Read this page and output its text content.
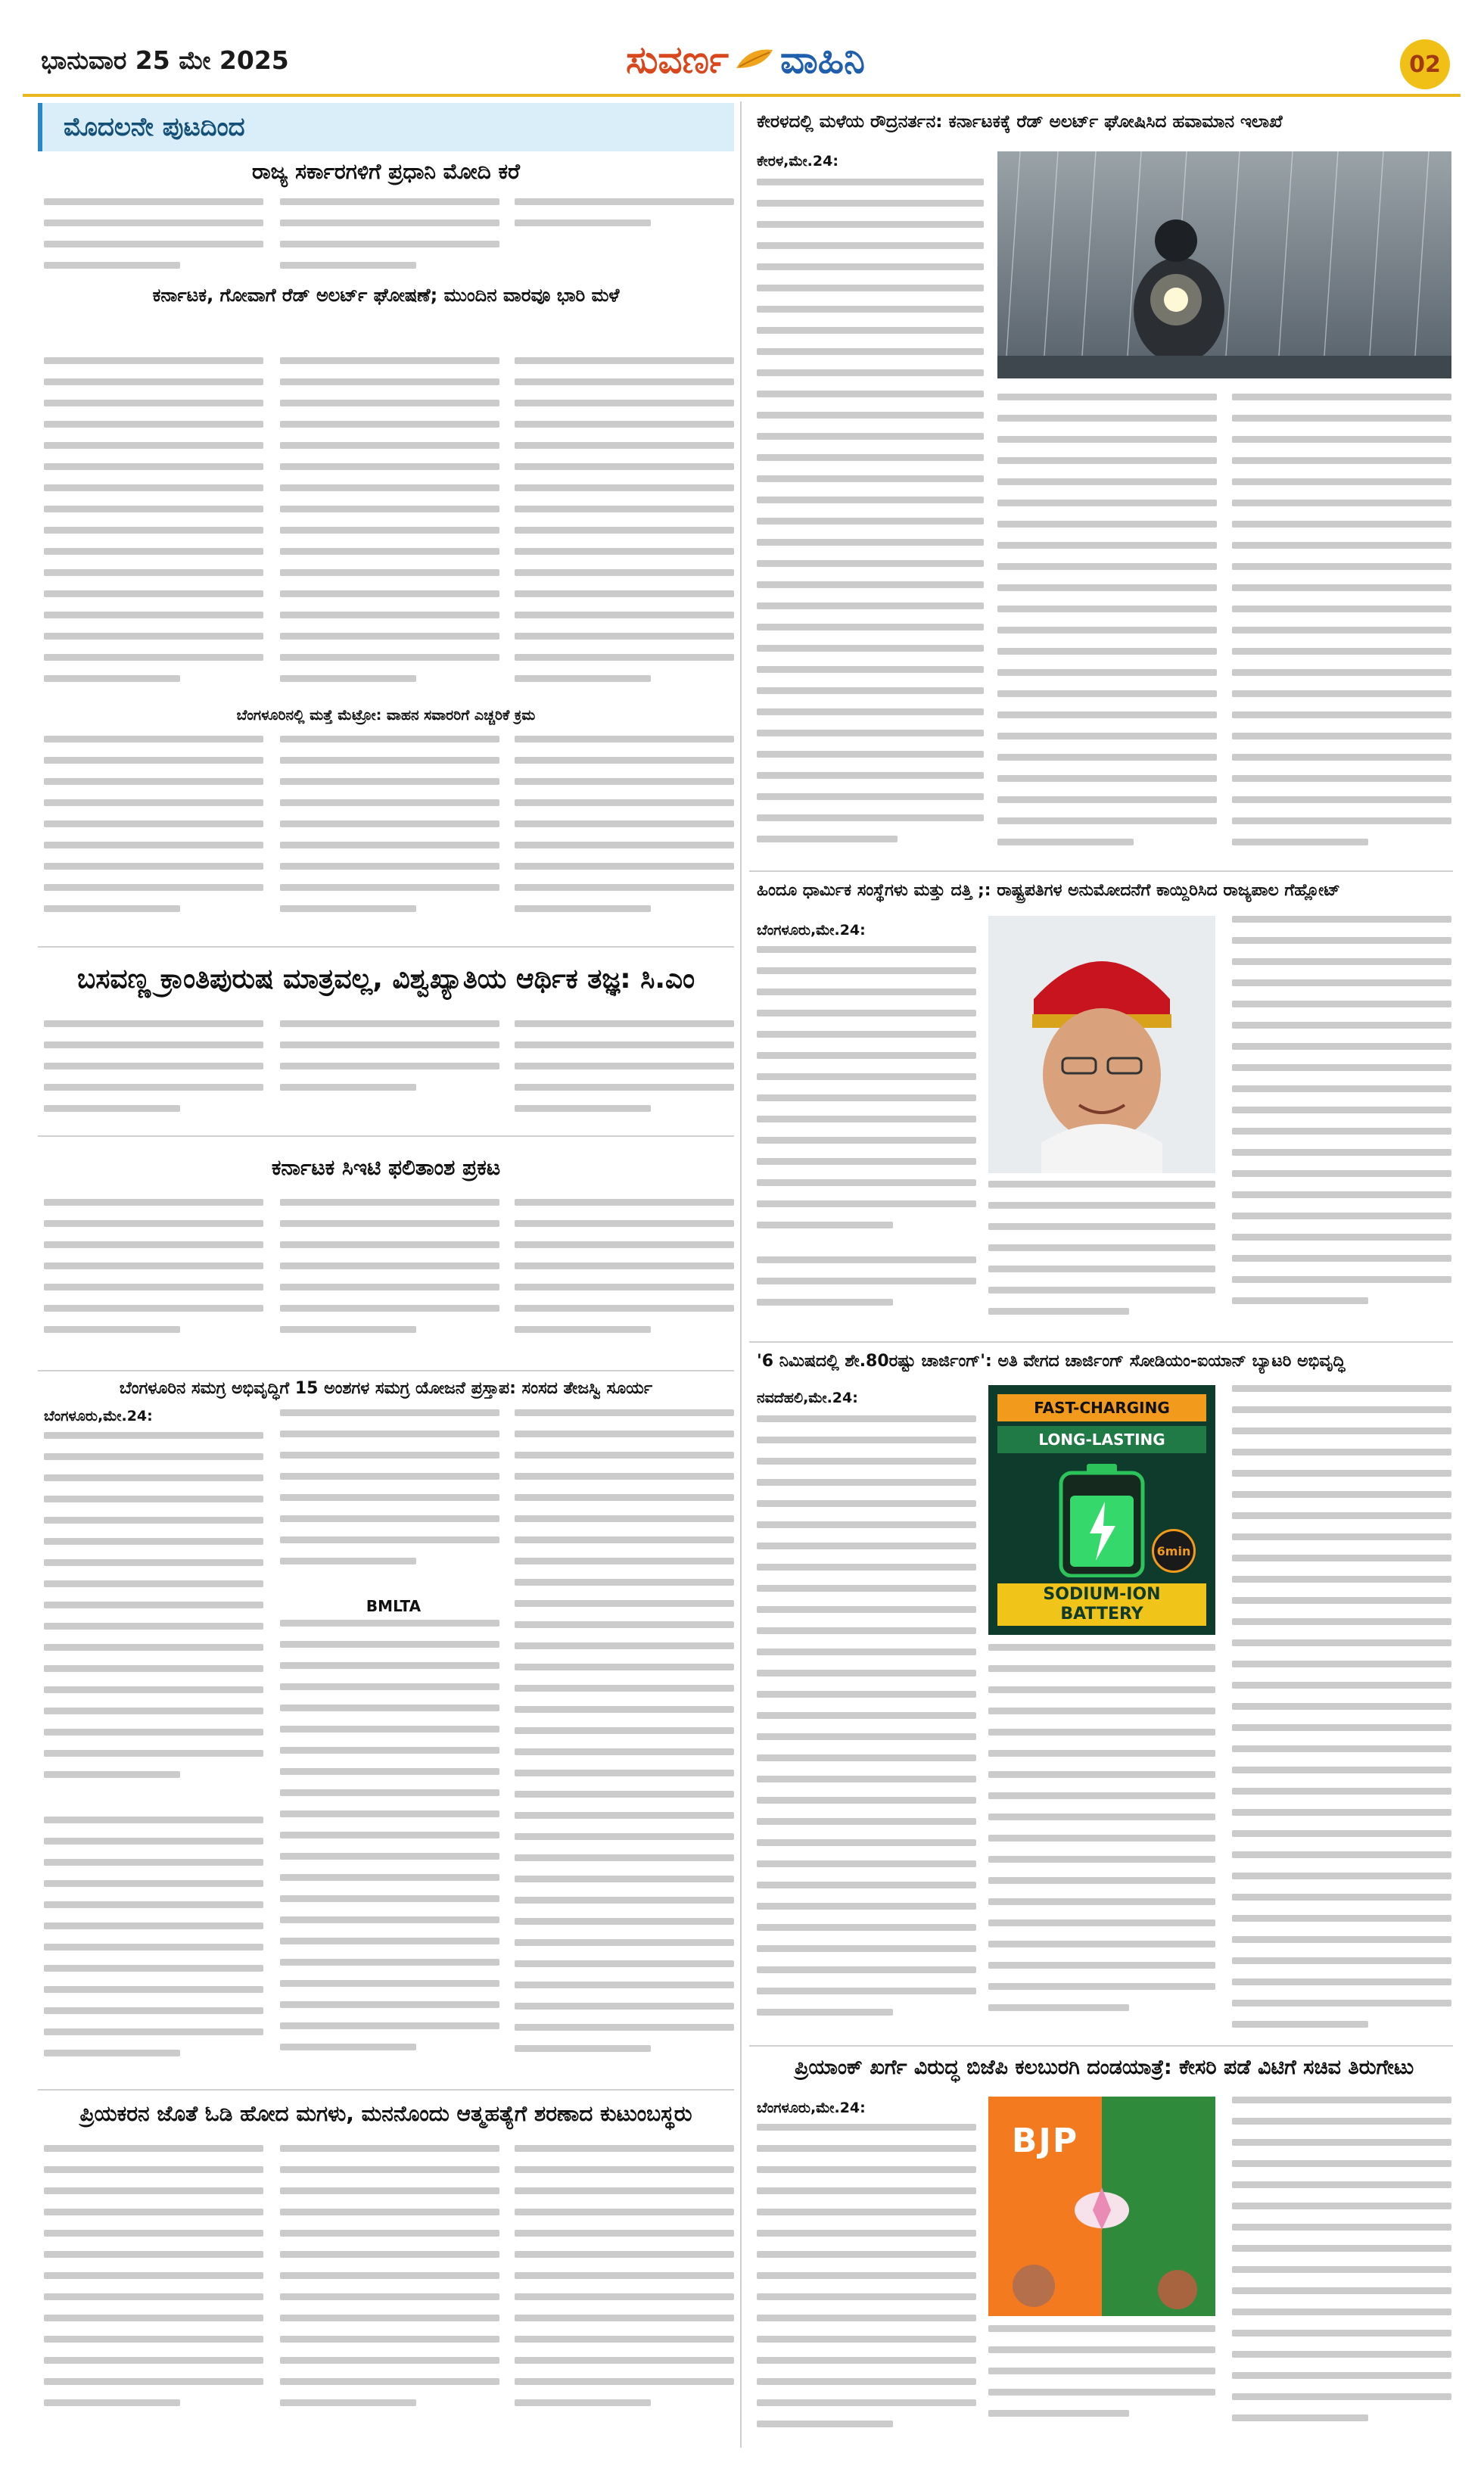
ಭಾನುವಾರ 25 ಮೇ 2025	ಸುವರ್ಣ ವಾಹಿನಿ	02
ಮೊದಲನೇ ಪುಟದಿಂದ
ರಾಜ್ಯ ಸರ್ಕಾರಗಳಿಗೆ ಪ್ರಧಾನಿ ಮೋದಿ ಕರೆ
ಕರ್ನಾಟಕ, ಗೋವಾಗೆ ರೆಡ್ ಅಲರ್ಟ್ ಘೋಷಣೆ; ಮುಂದಿನ ವಾರವೂ ಭಾರಿ ಮಳೆ
ಬೆಂಗಳೂರಿನಲ್ಲಿ ಮತ್ತೆ ಮೆಟ್ರೋ: ವಾಹನ ಸವಾರರಿಗೆ ಎಚ್ಚರಿಕೆ ಕ್ರಮ
ಬಸವಣ್ಣ ಕ್ರಾಂತಿಪುರುಷ ಮಾತ್ರವಲ್ಲ, ವಿಶ್ವಖ್ಯಾತಿಯ ಆರ್ಥಿಕ ತಜ್ಞ: ಸಿ.ಎಂ
ಕರ್ನಾಟಕ ಸಿಇಟಿ ಫಲಿತಾಂಶ ಪ್ರಕಟ
ಬೆಂಗಳೂರಿನ ಸಮಗ್ರ ಅಭಿವೃದ್ಧಿಗೆ 15 ಅಂಶಗಳ ಸಮಗ್ರ ಯೋಜನೆ ಪ್ರಸ್ತಾಪ: ಸಂಸದ ತೇಜಸ್ವಿ ಸೂರ್ಯ
ಬೆಂಗಳೂರು,ಮೇ.24:
BMLTA
ಪ್ರಿಯಕರನ ಜೊತೆ ಓಡಿ ಹೋದ ಮಗಳು, ಮನನೊಂದು ಆತ್ಮಹತ್ಯೆಗೆ ಶರಣಾದ ಕುಟುಂಬಸ್ಥರು
ಕೇರಳದಲ್ಲಿ ಮಳೆಯ ರೌದ್ರನರ್ತನ: ಕರ್ನಾಟಕಕ್ಕೆ ರೆಡ್ ಅಲರ್ಟ್ ಘೋಷಿಸಿದ ಹವಾಮಾನ ಇಲಾಖೆ
ಕೇರಳ,ಮೇ.24:
ಹಿಂದೂ ಧಾರ್ಮಿಕ ಸಂಸ್ಥೆಗಳು ಮತ್ತು ದತ್ತಿ ;: ರಾಷ್ಟ್ರಪತಿಗಳ ಅನುಮೋದನೆಗೆ ಕಾಯ್ದಿರಿಸಿದ ರಾಜ್ಯಪಾಲ ಗೆಹ್ಲೋಟ್
ಬೆಂಗಳೂರು,ಮೇ.24:
'6 ನಿಮಿಷದಲ್ಲಿ ಶೇ.80ರಷ್ಟು ಚಾರ್ಜಿಂಗ್': ಅತಿ ವೇಗದ ಚಾರ್ಜಿಂಗ್ ಸೋಡಿಯಂ-ಐಯಾನ್ ಬ್ಯಾಟರಿ ಅಭಿವೃದ್ಧಿ
ನವದೆಹಲಿ,ಮೇ.24:
FAST-CHARGING
LONG-LASTING
6min
SODIUM-ION
BATTERY
ಪ್ರಿಯಾಂಕ್ ಖರ್ಗೆ ವಿರುದ್ಧ ಬಿಜೆಪಿ ಕಲಬುರಗಿ ದಂಡಯಾತ್ರೆ: ಕೇಸರಿ ಪಡೆ ವಿಟಿಗೆ ಸಚಿವ ತಿರುಗೇಟು
ಬೆಂಗಳೂರು,ಮೇ.24:
BJP
